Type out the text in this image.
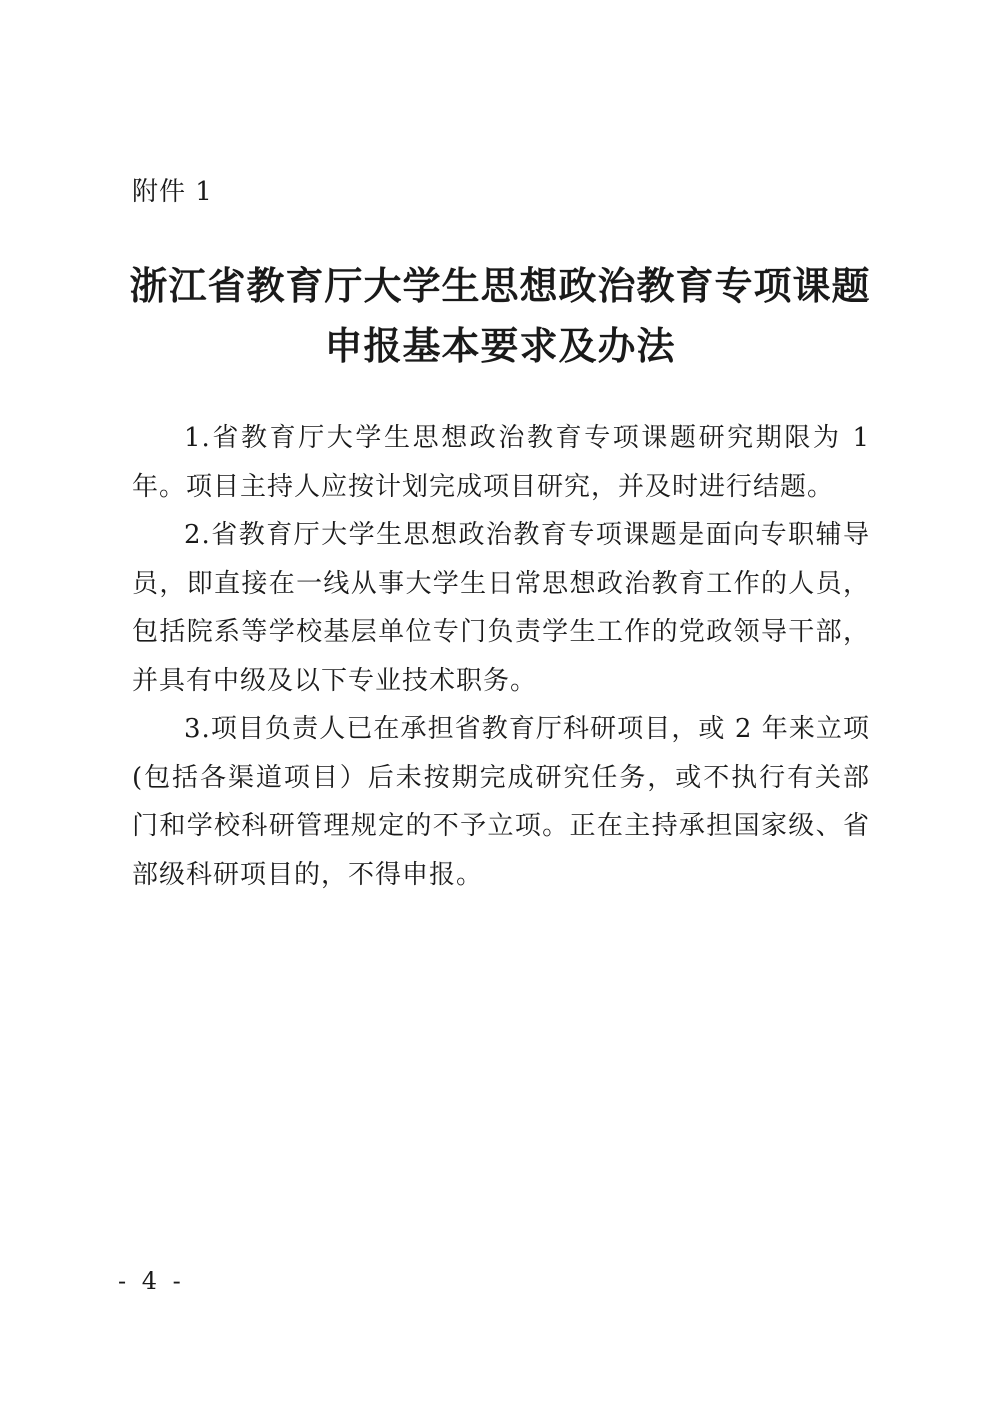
附件 1
浙江省教育厅大学生思想政治教育专项课题
申报基本要求及办法

1.省教育厅大学生思想政治教育专项课题研究期限为 1 年。项目主持人应按计划完成项目研究，并及时进行结题。

2.省教育厅大学生思想政治教育专项课题是面向专职辅导员，即直接在一线从事大学生日常思想政治教育工作的人员，包括院系等学校基层单位专门负责学生工作的党政领导干部，并具有中级及以下专业技术职务。

3.项目负责人已在承担省教育厅科研项目，或 2 年来立项(包括各渠道项目）后未按期完成研究任务，或不执行有关部门和学校科研管理规定的不予立项。正在主持承担国家级、省部级科研项目的，不得申报。

- 4 -
